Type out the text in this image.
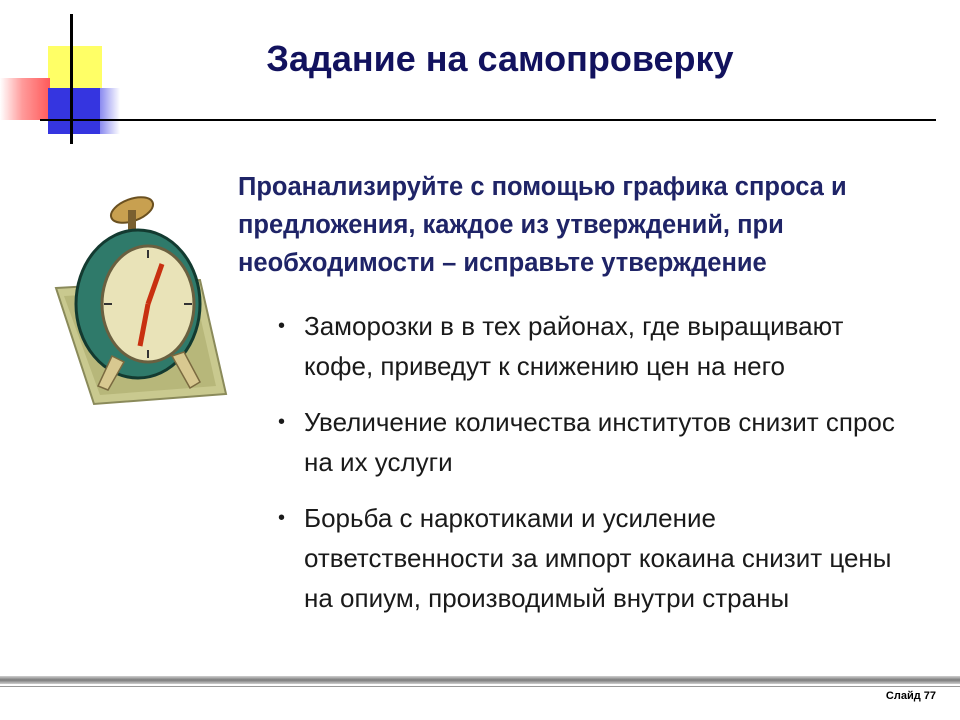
Задание на самопроверку
Проанализируйте с помощью графика спроса и предложения, каждое из утверждений, при необходимости – исправьте утверждение
• Заморозки в в тех районах, где выращивают кофе, приведут к снижению цен на него
• Увеличение количества институтов снизит спрос на их услуги
• Борьба с наркотиками и усиление ответственности за импорт кокаина снизит цены на опиум, производимый внутри страны
Слайд 77
